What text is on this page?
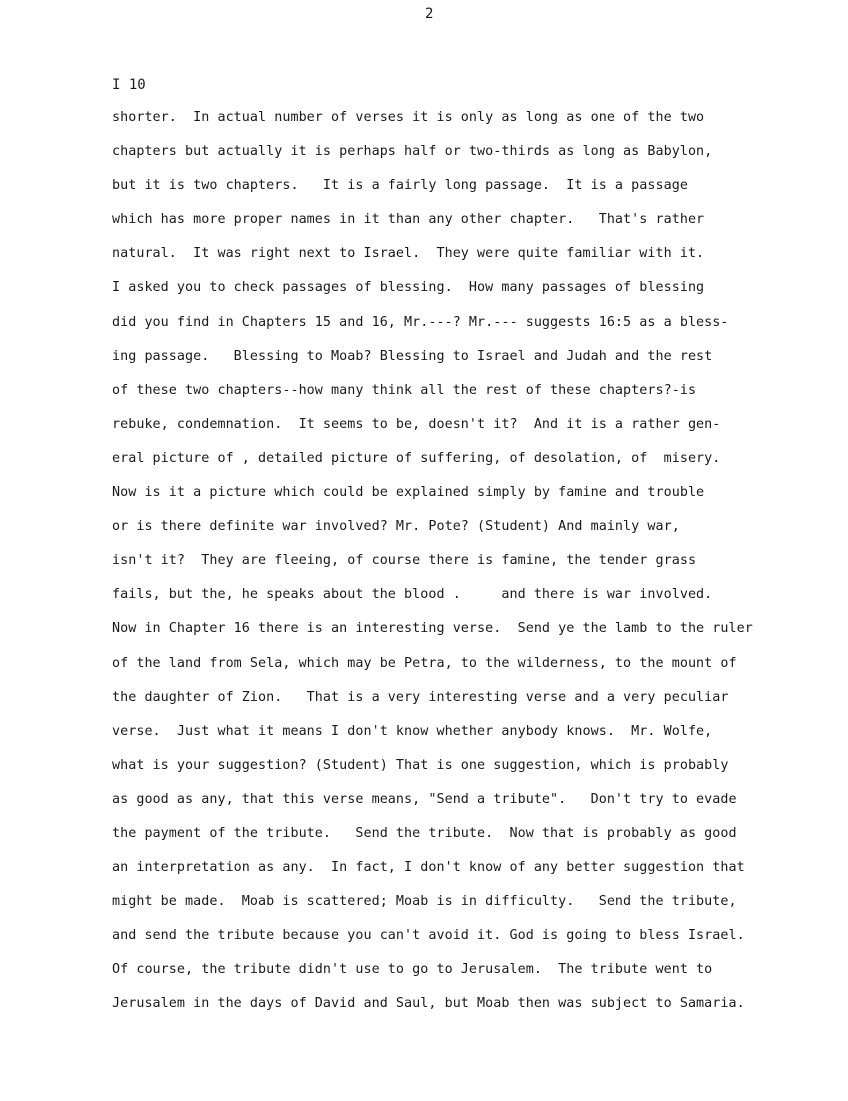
2
I 10
shorter.  In actual number of verses it is only as long as one of the two
chapters but actually it is perhaps half or two-thirds as long as Babylon,
but it is two chapters.   It is a fairly long passage.  It is a passage
which has more proper names in it than any other chapter.   That's rather
natural.  It was right next to Israel.  They were quite familiar with it.
I asked you to check passages of blessing.  How many passages of blessing
did you find in Chapters 15 and 16, Mr.---? Mr.--- suggests 16:5 as a bless-
ing passage.   Blessing to Moab? Blessing to Israel and Judah and the rest
of these two chapters--how many think all the rest of these chapters?-is
rebuke, condemnation.  It seems to be, doesn't it?  And it is a rather gen-
eral picture of , detailed picture of suffering, of desolation, of  misery.
Now is it a picture which could be explained simply by famine and trouble
or is there definite war involved? Mr. Pote? (Student) And mainly war,
isn't it?  They are fleeing, of course there is famine, the tender grass
fails, but the, he speaks about the blood .     and there is war involved.
Now in Chapter 16 there is an interesting verse.  Send ye the lamb to the ruler
of the land from Sela, which may be Petra, to the wilderness, to the mount of
the daughter of Zion.   That is a very interesting verse and a very peculiar
verse.  Just what it means I don't know whether anybody knows.  Mr. Wolfe,
what is your suggestion? (Student) That is one suggestion, which is probably
as good as any, that this verse means, "Send a tribute".   Don't try to evade
the payment of the tribute.   Send the tribute.  Now that is probably as good
an interpretation as any.  In fact, I don't know of any better suggestion that
might be made.  Moab is scattered; Moab is in difficulty.   Send the tribute,
and send the tribute because you can't avoid it. God is going to bless Israel.
Of course, the tribute didn't use to go to Jerusalem.  The tribute went to
Jerusalem in the days of David and Saul, but Moab then was subject to Samaria.
